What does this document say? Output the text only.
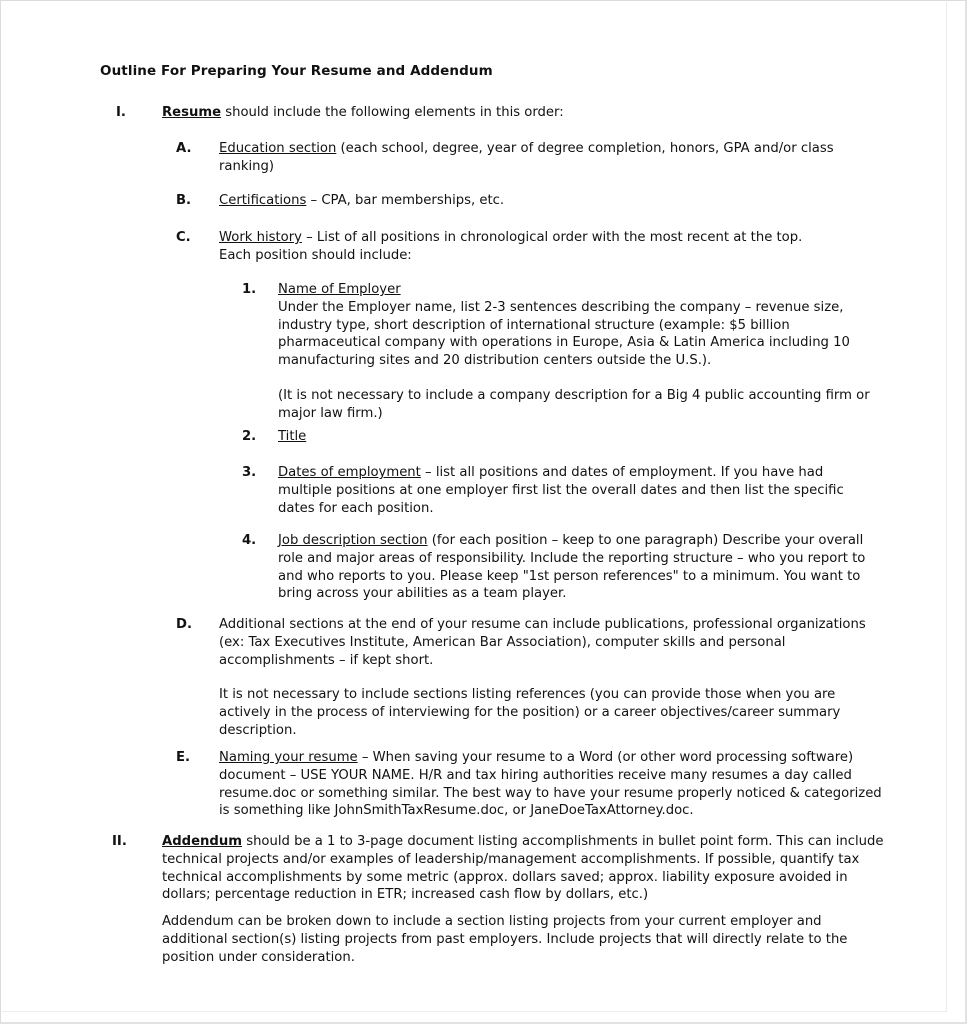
Outline For Preparing Your Resume and Addendum
I.	Resume should include the following elements in this order:
A. Education section (each school, degree, year of degree completion, honors, GPA and/or class ranking)
B. Certifications – CPA, bar memberships, etc.
C. Work history – List of all positions in chronological order with the most recent at the top. Each position should include:
1. Name of Employer

Under the Employer name, list 2-3 sentences describing the company – revenue size, industry type, short description of international structure (example: $5 billion pharmaceutical company with operations in Europe, Asia & Latin America including 10 manufacturing sites and 20 distribution centers outside the U.S.).

(It is not necessary to include a company description for a Big 4 public accounting firm or major law firm.)

2. Title
3. Dates of employment – list all positions and dates of employment. If you have had multiple positions at one employer first list the overall dates and then list the specific dates for each position.
4. Job description section (for each position – keep to one paragraph) Describe your overall role and major areas of responsibility. Include the reporting structure – who you report to and who reports to you. Please keep "1st person references" to a minimum. You want to bring across your abilities as a team player.
D. Additional sections at the end of your resume can include publications, professional organizations (ex: Tax Executives Institute, American Bar Association), computer skills and personal accomplishments – if kept short.

It is not necessary to include sections listing references (you can provide those when you are actively in the process of interviewing for the position) or a career objectives/career summary description.

E. Naming your resume – When saving your resume to a Word (or other word processing software) document – USE YOUR NAME. H/R and tax hiring authorities receive many resumes a day called resume.doc or something similar. The best way to have your resume properly noticed & categorized is something like JohnSmithTaxResume.doc, or JaneDoeTaxAttorney.doc.
II.	Addendum should be a 1 to 3-page document listing accomplishments in bullet point form. This can include technical projects and/or examples of leadership/management accomplishments. If possible, quantify tax technical accomplishments by some metric (approx. dollars saved; approx. liability exposure avoided in dollars; percentage reduction in ETR; increased cash flow by dollars, etc.)
Addendum can be broken down to include a section listing projects from your current employer and additional section(s) listing projects from past employers. Include projects that will directly relate to the position under consideration.
